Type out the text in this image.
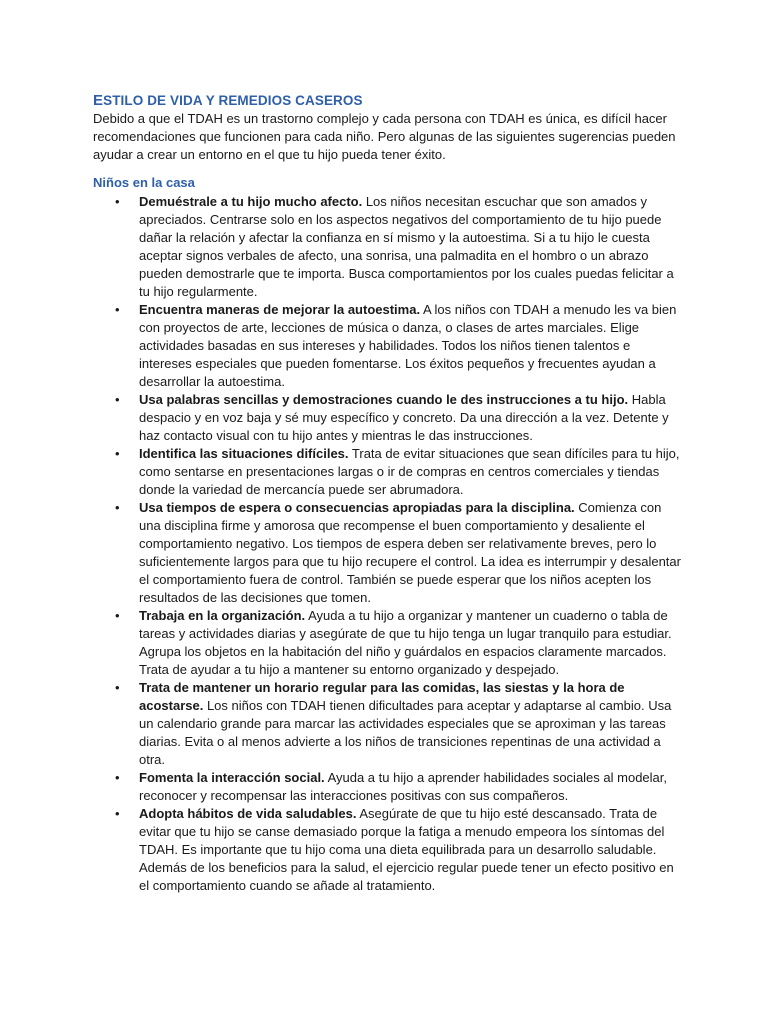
ESTILO DE VIDA Y REMEDIOS CASEROS

Debido a que el TDAH es un trastorno complejo y cada persona con TDAH es única, es difícil hacer recomendaciones que funcionen para cada niño. Pero algunas de las siguientes sugerencias pueden ayudar a crear un entorno en el que tu hijo pueda tener éxito.

Niños en la casa
• Demuéstrale a tu hijo mucho afecto. Los niños necesitan escuchar que son amados y apreciados. Centrarse solo en los aspectos negativos del comportamiento de tu hijo puede dañar la relación y afectar la confianza en sí mismo y la autoestima. Si a tu hijo le cuesta aceptar signos verbales de afecto, una sonrisa, una palmadita en el hombro o un abrazo pueden demostrarle que te importa. Busca comportamientos por los cuales puedas felicitar a tu hijo regularmente.
• Encuentra maneras de mejorar la autoestima. A los niños con TDAH a menudo les va bien con proyectos de arte, lecciones de música o danza, o clases de artes marciales. Elige actividades basadas en sus intereses y habilidades. Todos los niños tienen talentos e intereses especiales que pueden fomentarse. Los éxitos pequeños y frecuentes ayudan a desarrollar la autoestima.
• Usa palabras sencillas y demostraciones cuando le des instrucciones a tu hijo. Habla despacio y en voz baja y sé muy específico y concreto. Da una dirección a la vez. Detente y haz contacto visual con tu hijo antes y mientras le das instrucciones.
• Identifica las situaciones difíciles. Trata de evitar situaciones que sean difíciles para tu hijo, como sentarse en presentaciones largas o ir de compras en centros comerciales y tiendas donde la variedad de mercancía puede ser abrumadora.
• Usa tiempos de espera o consecuencias apropiadas para la disciplina. Comienza con una disciplina firme y amorosa que recompense el buen comportamiento y desaliente el comportamiento negativo. Los tiempos de espera deben ser relativamente breves, pero lo suficientemente largos para que tu hijo recupere el control. La idea es interrumpir y desalentar el comportamiento fuera de control. También se puede esperar que los niños acepten los resultados de las decisiones que tomen.
• Trabaja en la organización. Ayuda a tu hijo a organizar y mantener un cuaderno o tabla de tareas y actividades diarias y asegúrate de que tu hijo tenga un lugar tranquilo para estudiar. Agrupa los objetos en la habitación del niño y guárdalos en espacios claramente marcados. Trata de ayudar a tu hijo a mantener su entorno organizado y despejado.
• Trata de mantener un horario regular para las comidas, las siestas y la hora de acostarse. Los niños con TDAH tienen dificultades para aceptar y adaptarse al cambio. Usa un calendario grande para marcar las actividades especiales que se aproximan y las tareas diarias. Evita o al menos advierte a los niños de transiciones repentinas de una actividad a otra.
• Fomenta la interacción social. Ayuda a tu hijo a aprender habilidades sociales al modelar, reconocer y recompensar las interacciones positivas con sus compañeros.
• Adopta hábitos de vida saludables. Asegúrate de que tu hijo esté descansado. Trata de evitar que tu hijo se canse demasiado porque la fatiga a menudo empeora los síntomas del TDAH. Es importante que tu hijo coma una dieta equilibrada para un desarrollo saludable. Además de los beneficios para la salud, el ejercicio regular puede tener un efecto positivo en el comportamiento cuando se añade al tratamiento.
